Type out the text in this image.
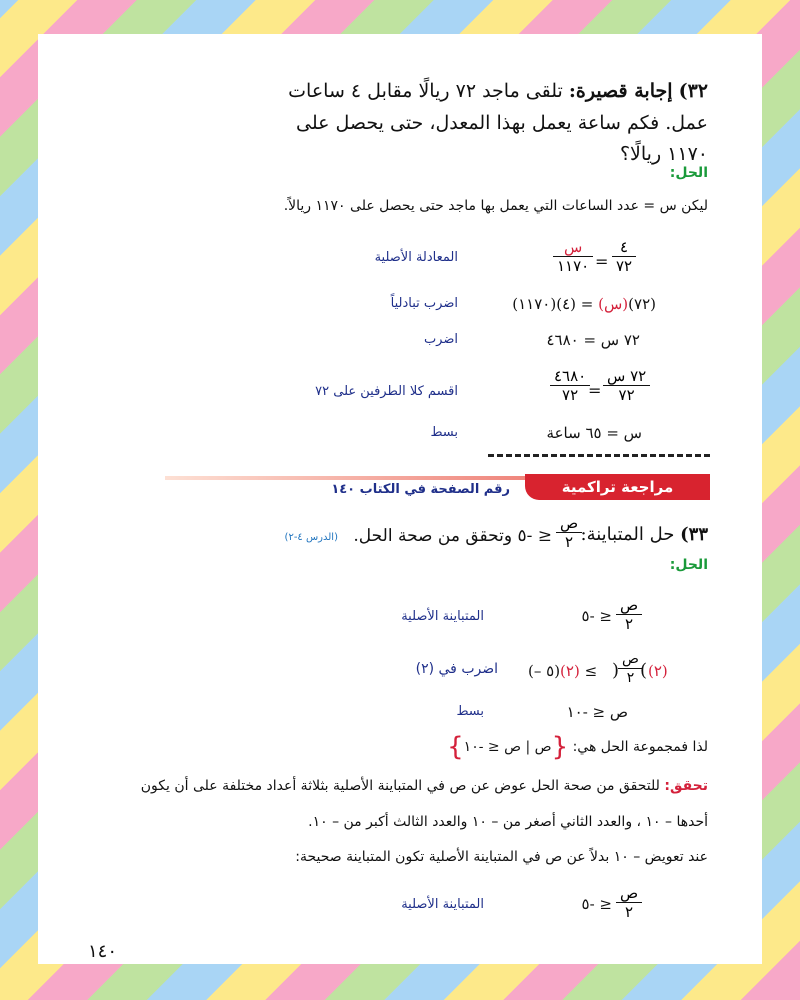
٣٢) إجابة قصيرة: تلقى ماجد ٧٢ ريالًا مقابل ٤ ساعات
عمل. فكم ساعة يعمل بهذا المعدل، حتى يحصل على
١١٧٠ ريالًا؟
الحل:
ليكن س = عدد الساعات التي يعمل بها ماجد حتى يحصل على ١١٧٠ ريالاً.
٤
٧٢
=
س
١١٧٠
المعادلة الأصلية
(٧٢)(س) = (٤)(١١٧٠)
اضرب تبادلياً
٧٢ س = ٤٦٨٠
اضرب
٧٢ س
٧٢
=
٤٦٨٠
٧٢
اقسم كلا الطرفين على ٧٢
س = ٦٥ ساعة
بسط
مراجعة تراكمية
رقم الصفحة في الكتاب ١٤٠
٣٣) حل المتباينة:
ص
٢
≤ -٥ وتحقق من صحة الحل.
(الدرس ٤-٢)
الحل:
ص
٢
≤ -٥
المتباينة الأصلية
(٢)
(
ص
٢
)
(– ٥)(٢) ≤
اضرب في (٢)
ص ≤ -١٠
بسط
لذا فمجموعة الحل هي: {ص | ص ≤ -١٠}
تحقق: للتحقق من صحة الحل عوض عن ص في المتباينة الأصلية بثلاثة أعداد مختلفة على أن يكون
أحدها – ١٠ ، والعدد الثاني أصغر من – ١٠ والعدد الثالث أكبر من – ١٠.
عند تعويض – ١٠ بدلاً عن ص في المتباينة الأصلية تكون المتباينة صحيحة:
ص
٢
≤ -٥
المتباينة الأصلية
١٤٠
